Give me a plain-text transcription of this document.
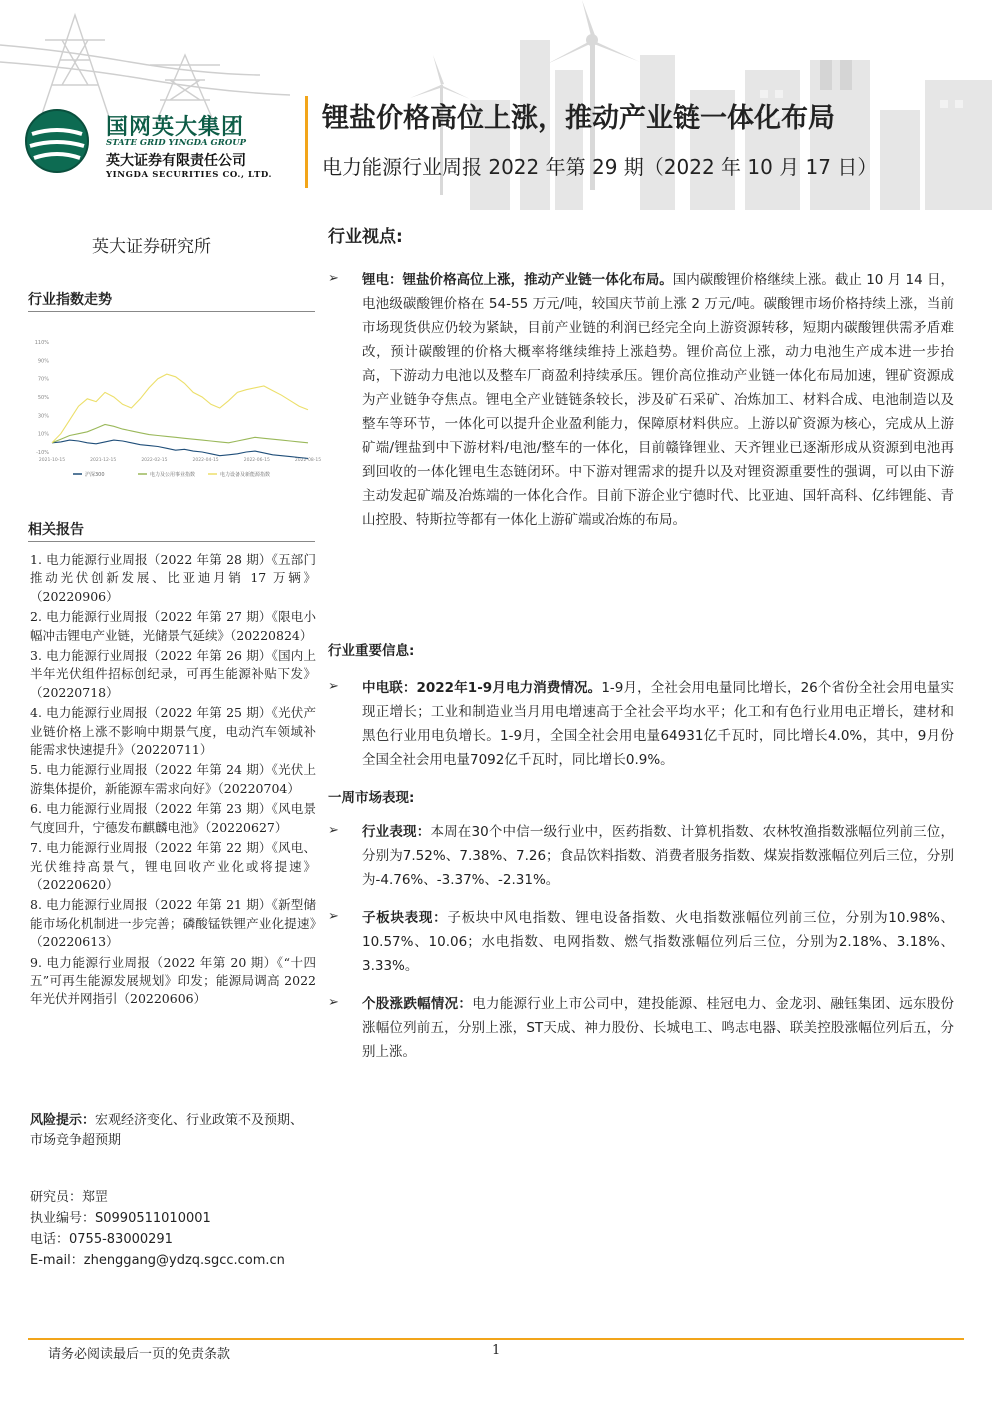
国网英大集团
STATE GRID YINGDA GROUP
英大证券有限责任公司
YINGDA SECURITIES CO., LTD.
锂盐价格高位上涨，推动产业链一体化布局
电力能源行业周报 2022 年第 29 期（2022 年 10 月 17 日）
英大证券研究所
行业指数走势
110%
90%
70%
50%
30%
10%
-10%
2021-10-15	2021-12-15	2022-02-15	2022-04-15	2022-06-15	2022-08-15
沪深300	电力及公用事业指数	电力设备及新能源指数
相关报告
1. 电力能源行业周报（2022 年第 28 期）《五部门推动光伏创新发展、比亚迪月销 17 万辆》（20220906）
2. 电力能源行业周报（2022 年第 27 期）《限电小幅冲击锂电产业链，光储景气延续》（20220824）
3. 电力能源行业周报（2022 年第 26 期）《国内上半年光伏组件招标创纪录，可再生能源补贴下发》（20220718）
4. 电力能源行业周报（2022 年第 25 期）《光伏产业链价格上涨不影响中期景气度，电动汽车领域补能需求快速提升》（20220711）
5. 电力能源行业周报（2022 年第 24 期）《光伏上游集体提价，新能源车需求向好》（20220704）
6. 电力能源行业周报（2022 年第 23 期）《风电景气度回升，宁德发布麒麟电池》（20220627）
7. 电力能源行业周报（2022 年第 22 期）《风电、光伏维持高景气，锂电回收产业化或将提速》（20220620）
8. 电力能源行业周报（2022 年第 21 期）《新型储能市场化机制进一步完善；磷酸锰铁锂产业化提速》（20220613）
9. 电力能源行业周报（2022 年第 20 期）《“十四五”可再生能源发展规划》印发；能源局调高 2022 年光伏并网指引（20220606）
风险提示：宏观经济变化、行业政策不及预期、市场竞争超预期
研究员：郑罡
执业编号：S0990511010001
电话：0755-83000291
E-mail：zhenggang@ydzq.sgcc.com.cn
行业视点:
➢ 锂电：锂盐价格高位上涨，推动产业链一体化布局。国内碳酸锂价格继续上涨。截止 10 月 14 日，电池级碳酸锂价格在 54-55 万元/吨，较国庆节前上涨 2 万元/吨。碳酸锂市场价格持续上涨，当前市场现货供应仍较为紧缺，目前产业链的利润已经完全向上游资源转移，短期内碳酸锂供需矛盾难改，预计碳酸锂的价格大概率将继续维持上涨趋势。锂价高位上涨，动力电池生产成本进一步抬高，下游动力电池以及整车厂商盈利持续承压。锂价高位推动产业链一体化布局加速，锂矿资源成为产业链争夺焦点。锂电全产业链链条较长，涉及矿石采矿、冶炼加工、材料合成、电池制造以及整车等环节，一体化可以提升企业盈利能力，保障原材料供应。上游以矿资源为核心，完成从上游矿端/锂盐到中下游材料/电池/整车的一体化，目前赣锋锂业、天齐锂业已逐渐形成从资源到电池再到回收的一体化锂电生态链闭环。中下游对锂需求的提升以及对锂资源重要性的强调，可以由下游主动发起矿端及冶炼端的一体化合作。目前下游企业宁德时代、比亚迪、国轩高科、亿纬锂能、青山控股、特斯拉等都有一体化上游矿端或冶炼的布局。
行业重要信息:
➢ 中电联：2022年1-9月电力消费情况。1-9月，全社会用电量同比增长，26个省份全社会用电量实现正增长；工业和制造业当月用电增速高于全社会平均水平；化工和有色行业用电正增长，建材和黑色行业用电负增长。1-9月，全国全社会用电量64931亿千瓦时，同比增长4.0%，其中，9月份全国全社会用电量7092亿千瓦时，同比增长0.9%。
一周市场表现:
➢ 行业表现：本周在30个中信一级行业中，医药指数、计算机指数、农林牧渔指数涨幅位列前三位，分别为7.52%、7.38%、7.26；食品饮料指数、消费者服务指数、煤炭指数涨幅位列后三位，分别为-4.76%、-3.37%、-2.31%。
➢ 子板块表现：子板块中风电指数、锂电设备指数、火电指数涨幅位列前三位，分别为10.98%、10.57%、10.06；水电指数、电网指数、燃气指数涨幅位列后三位，分别为2.18%、3.18%、3.33%。
➢ 个股涨跌幅情况：电力能源行业上市公司中，建投能源、桂冠电力、金龙羽、融钰集团、远东股份涨幅位列前五，分别上涨，ST天成、神力股份、长城电工、鸣志电器、联美控股涨幅位列后五，分别上涨。
请务必阅读最后一页的免责条款	1
